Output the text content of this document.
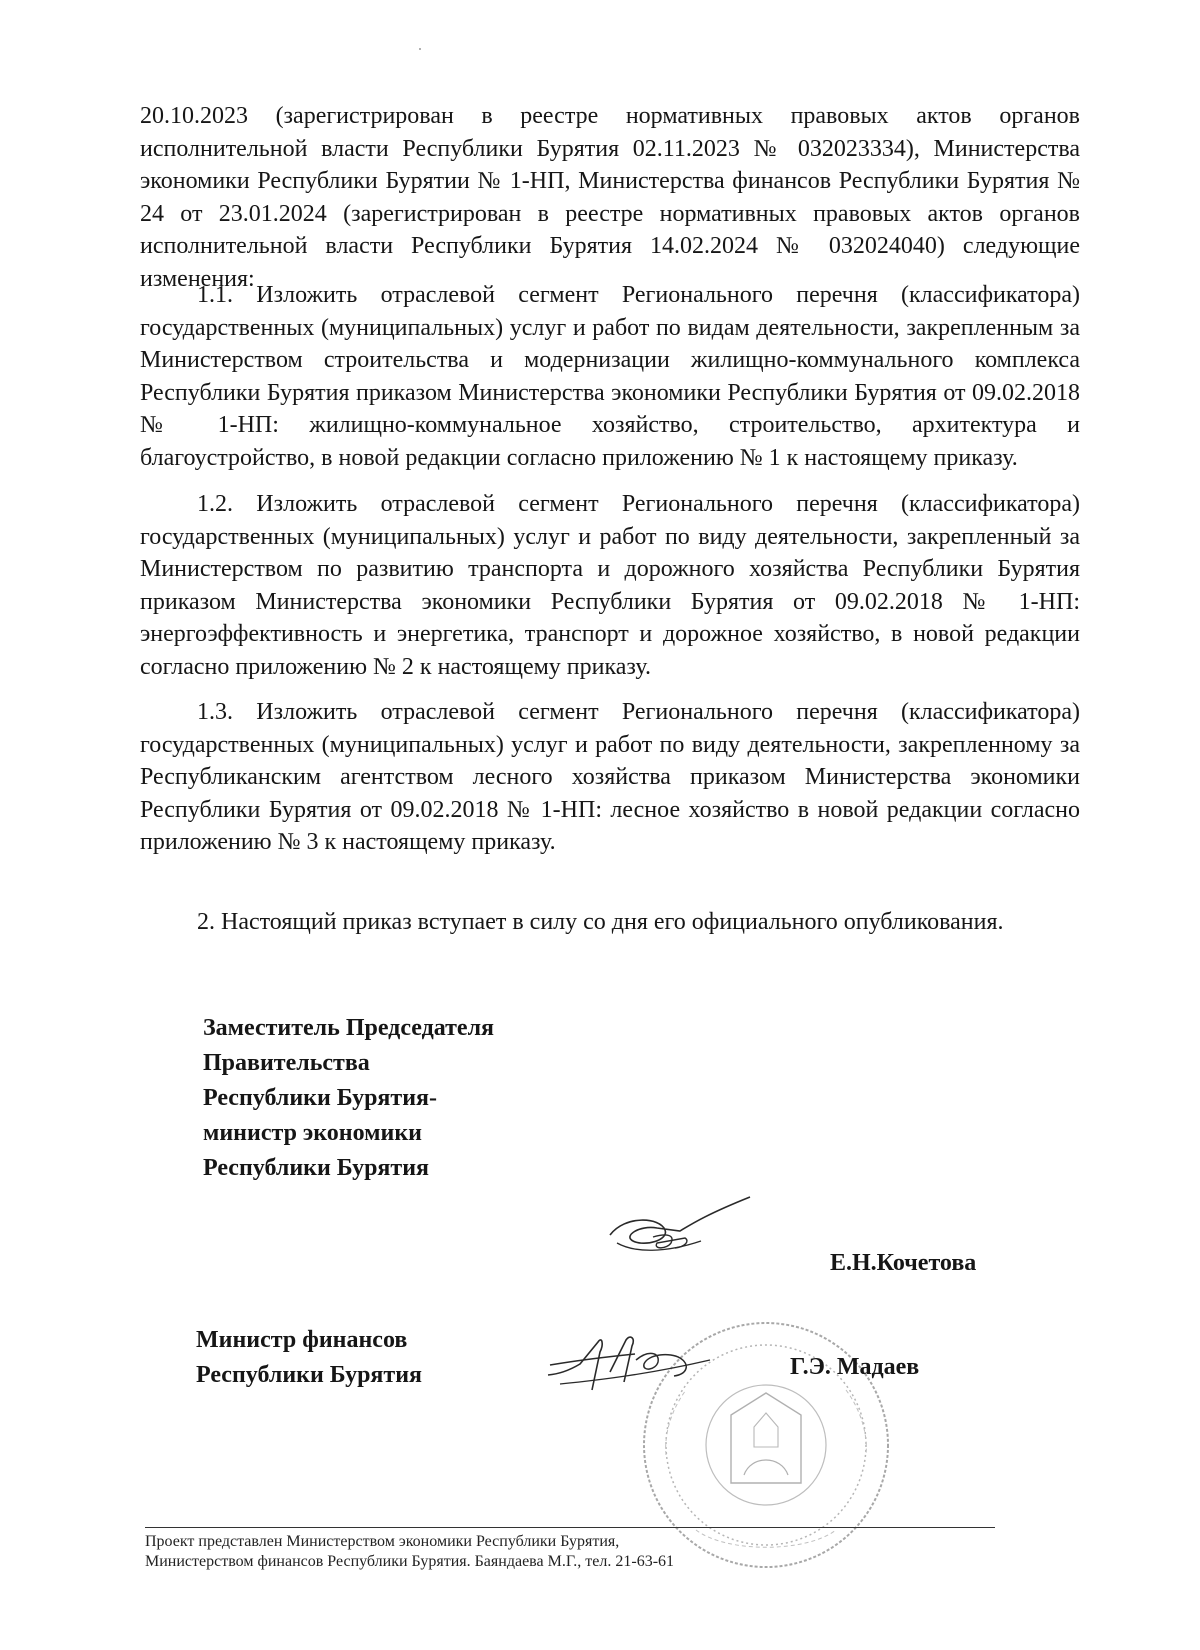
20.10.2023 (зарегистрирован в реестре нормативных правовых актов органов исполнительной власти Республики Бурятия 02.11.2023 № 032023334), Министерства экономики Республики Бурятии № 1-НП, Министерства финансов Республики Бурятия № 24 от 23.01.2024 (зарегистрирован в реестре нормативных правовых актов органов исполнительной власти Республики Бурятия 14.02.2024 № 032024040) следующие изменения:

1.1. Изложить отраслевой сегмент Регионального перечня (классификатора) государственных (муниципальных) услуг и работ по видам деятельности, закрепленным за Министерством строительства и модернизации жилищно-коммунального комплекса Республики Бурятия приказом Министерства экономики Республики Бурятия от 09.02.2018 № 1-НП: жилищно-коммунальное хозяйство, строительство, архитектура и благоустройство, в новой редакции согласно приложению № 1 к настоящему приказу.

1.2. Изложить отраслевой сегмент Регионального перечня (классификатора) государственных (муниципальных) услуг и работ по виду деятельности, закрепленный за Министерством по развитию транспорта и дорожного хозяйства Республики Бурятия приказом Министерства экономики Республики Бурятия от 09.02.2018 № 1-НП: энергоэффективность и энергетика, транспорт и дорожное хозяйство, в новой редакции согласно приложению № 2 к настоящему приказу.

1.3. Изложить отраслевой сегмент Регионального перечня (классификатора) государственных (муниципальных) услуг и работ по виду деятельности, закрепленному за Республиканским агентством лесного хозяйства приказом Министерства экономики Республики Бурятия от 09.02.2018 № 1-НП: лесное хозяйство в новой редакции согласно приложению № 3 к настоящему приказу.

2. Настоящий приказ вступает в силу со дня его официального опубликования.

Заместитель Председателя
Правительства
Республики Бурятия-
министр экономики
Республики Бурятия
Е.Н.Кочетова
Министр финансов
Республики Бурятия	Г.Э. Мадаев
Проект представлен Министерством экономики Республики Бурятия,
Министерством финансов Республики Бурятия. Баяндаева М.Г., тел. 21-63-61
